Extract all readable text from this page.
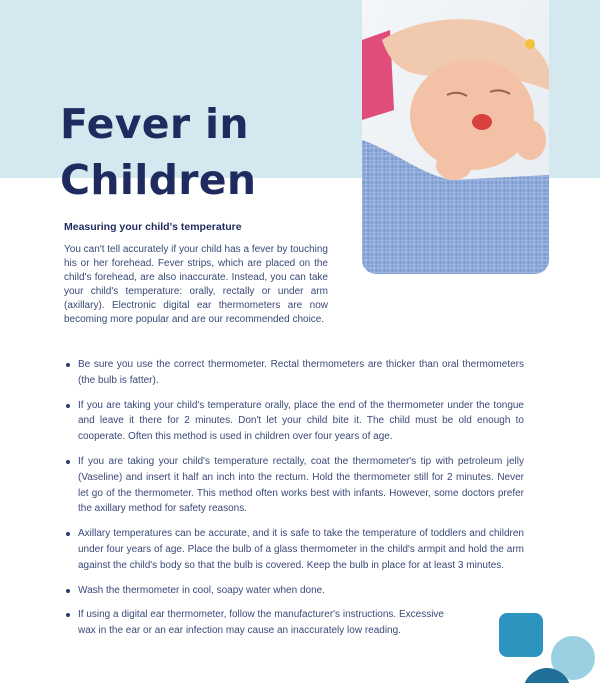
Fever in Children
Measuring your child's temperature

You can't tell accurately if your child has a fever by touching his or her forehead. Fever strips, which are placed on the child's forehead, are also inaccurate. Instead, you can take your child's temperature: orally, rectally or under arm (axillary). Electronic digital ear thermometers are now becoming more popular and are our recommended choice.

Be sure you use the correct thermometer. Rectal thermometers are thicker than oral thermometers (the bulb is fatter).
If you are taking your child's temperature orally, place the end of the thermometer under the tongue and leave it there for 2 minutes. Don't let your child bite it. The child must be old enough to cooperate. Often this method is used in children over four years of age.
If you are taking your child's temperature rectally, coat the thermometer's tip with petroleum jelly (Vaseline) and insert it half an inch into the rectum. Hold the thermometer still for 2 minutes. Never let go of the thermometer. This method often works best with infants. However, some doctors prefer the axillary method for safety reasons.
Axillary temperatures can be accurate, and it is safe to take the temperature of toddlers and children under four years of age. Place the bulb of a glass thermometer in the child's armpit and hold the arm against the child's body so that the bulb is covered. Keep the bulb in place for at least 3 minutes.
Wash the thermometer in cool, soapy water when done.
If using a digital ear thermometer, follow the manufacturer's instructions. Excessive wax in the ear or an ear infection may cause an inaccurately low reading.
